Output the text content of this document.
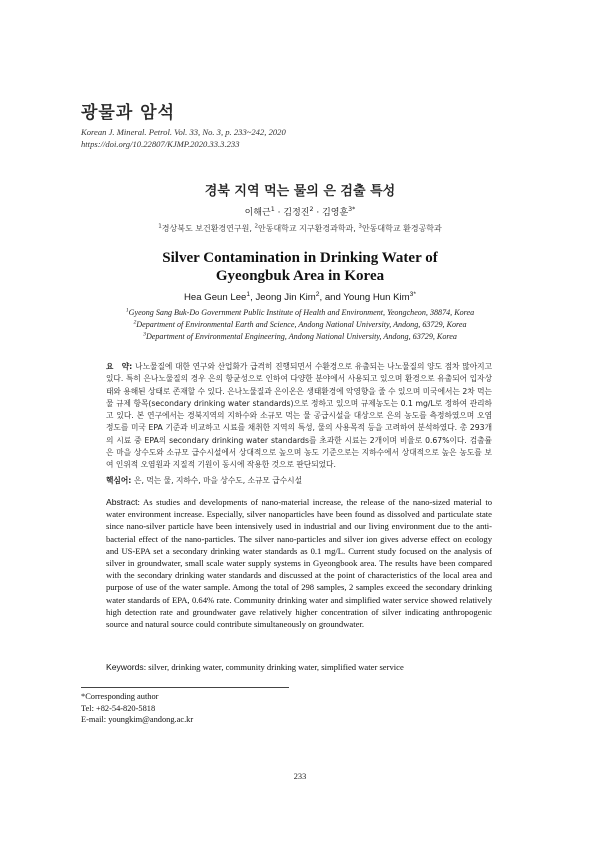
광물과 암석
Korean J. Mineral. Petrol. Vol. 33, No. 3, p. 233~242, 2020
https://doi.org/10.22807/KJMP.2020.33.3.233
경북 지역 먹는 물의 은 검출 특성
이해근$^1$ · 김정진$^2$ · 김영훈$^{3*}$
$^1$경상북도 보건환경연구원, $^2$안동대학교 지구환경과학과, $^3$안동대학교 환경공학과
Silver Contamination in Drinking Water of
Gyeongbuk Area in Korea
Hea Geun Lee$^1$, Jeong Jin Kim$^2$, and Young Hun Kim$^{3*}$
$^1$Gyeong Sang Buk-Do Government Public Institute of Health and Environment, Yeongcheon, 38874, Korea
$^2$Department of Environmental Earth and Science, Andong National University, Andong, 63729, Korea
$^3$Department of Environmental Engineering, Andong National University, Andong, 63729, Korea
요　약: 나노물질에 대한 연구와 산업화가 급격히 진행되면서 수환경으로 유출되는 나노물질의 양도 점차 많아지고 있다. 특히 은나노물질의 경우 은의 항균성으로 인하여 다양한 분야에서 사용되고 있으며 환경으로 유출되어 입자상태와 용해된 상태로 존재할 수 있다. 은나노물질과 은이온은 생태환경에 악영향을 줄 수 있으며 미국에서는 2차 먹는물 규제 항목(secondary drinking water standards)으로 정하고 있으며 규제농도는 0.1 mg/L로 정하여 관리하고 있다. 본 연구에서는 경북지역의 지하수와 소규모 먹는 물 공급시설을 대상으로 은의 농도를 측정하였으며 오염 정도를 미국 EPA 기준과 비교하고 시료를 채취한 지역의 특성, 물의 사용목적 등을 고려하여 분석하였다. 총 293개의 시료 중 EPA의 secondary drinking water standards를 초과한 시료는 2개이며 비율로 0.67%이다. 검출률은 마을 상수도와 소규모 급수시설에서 상대적으로 높으며 농도 기준으로는 지하수에서 상대적으로 높은 농도를 보여 인위적 오염원과 지질적 기원이 동시에 작용한 것으로 판단되었다.
핵심어: 은, 먹는 물, 지하수, 마을 상수도, 소규모 급수시설
Abstract: As studies and developments of nano-material increase, the release of the nano-sized material to water environment increase. Especially, silver nanoparticles have been found as dissolved and particulate state since nano-silver particle have been intensively used in industrial and our living environment due to the anti-bacterial effect of the nano-particles. The silver nano-particles and silver ion gives adverse effect on ecology and US-EPA set a secondary drinking water standards as 0.1 mg/L. Current study focused on the analysis of silver in groundwater, small scale water supply systems in Gyeongbook area. The results have been compared with the secondary drinking water standards and discussed at the point of characteristics of the local area and purpose of use of the water sample. Among the total of 298 samples, 2 samples exceed the secondary drinking water standards of EPA, 0.64% rate. Community drinking water and simplified water service showed relatively high detection rate and groundwater gave relatively higher concentration of silver indicating anthropogenic source and natural source could contribute simultaneously on groundwater.
Keywords: silver, drinking water, community drinking water, simplified water service
*Corresponding author
Tel: +82-54-820-5818
E-mail: youngkim@andong.ac.kr
233
